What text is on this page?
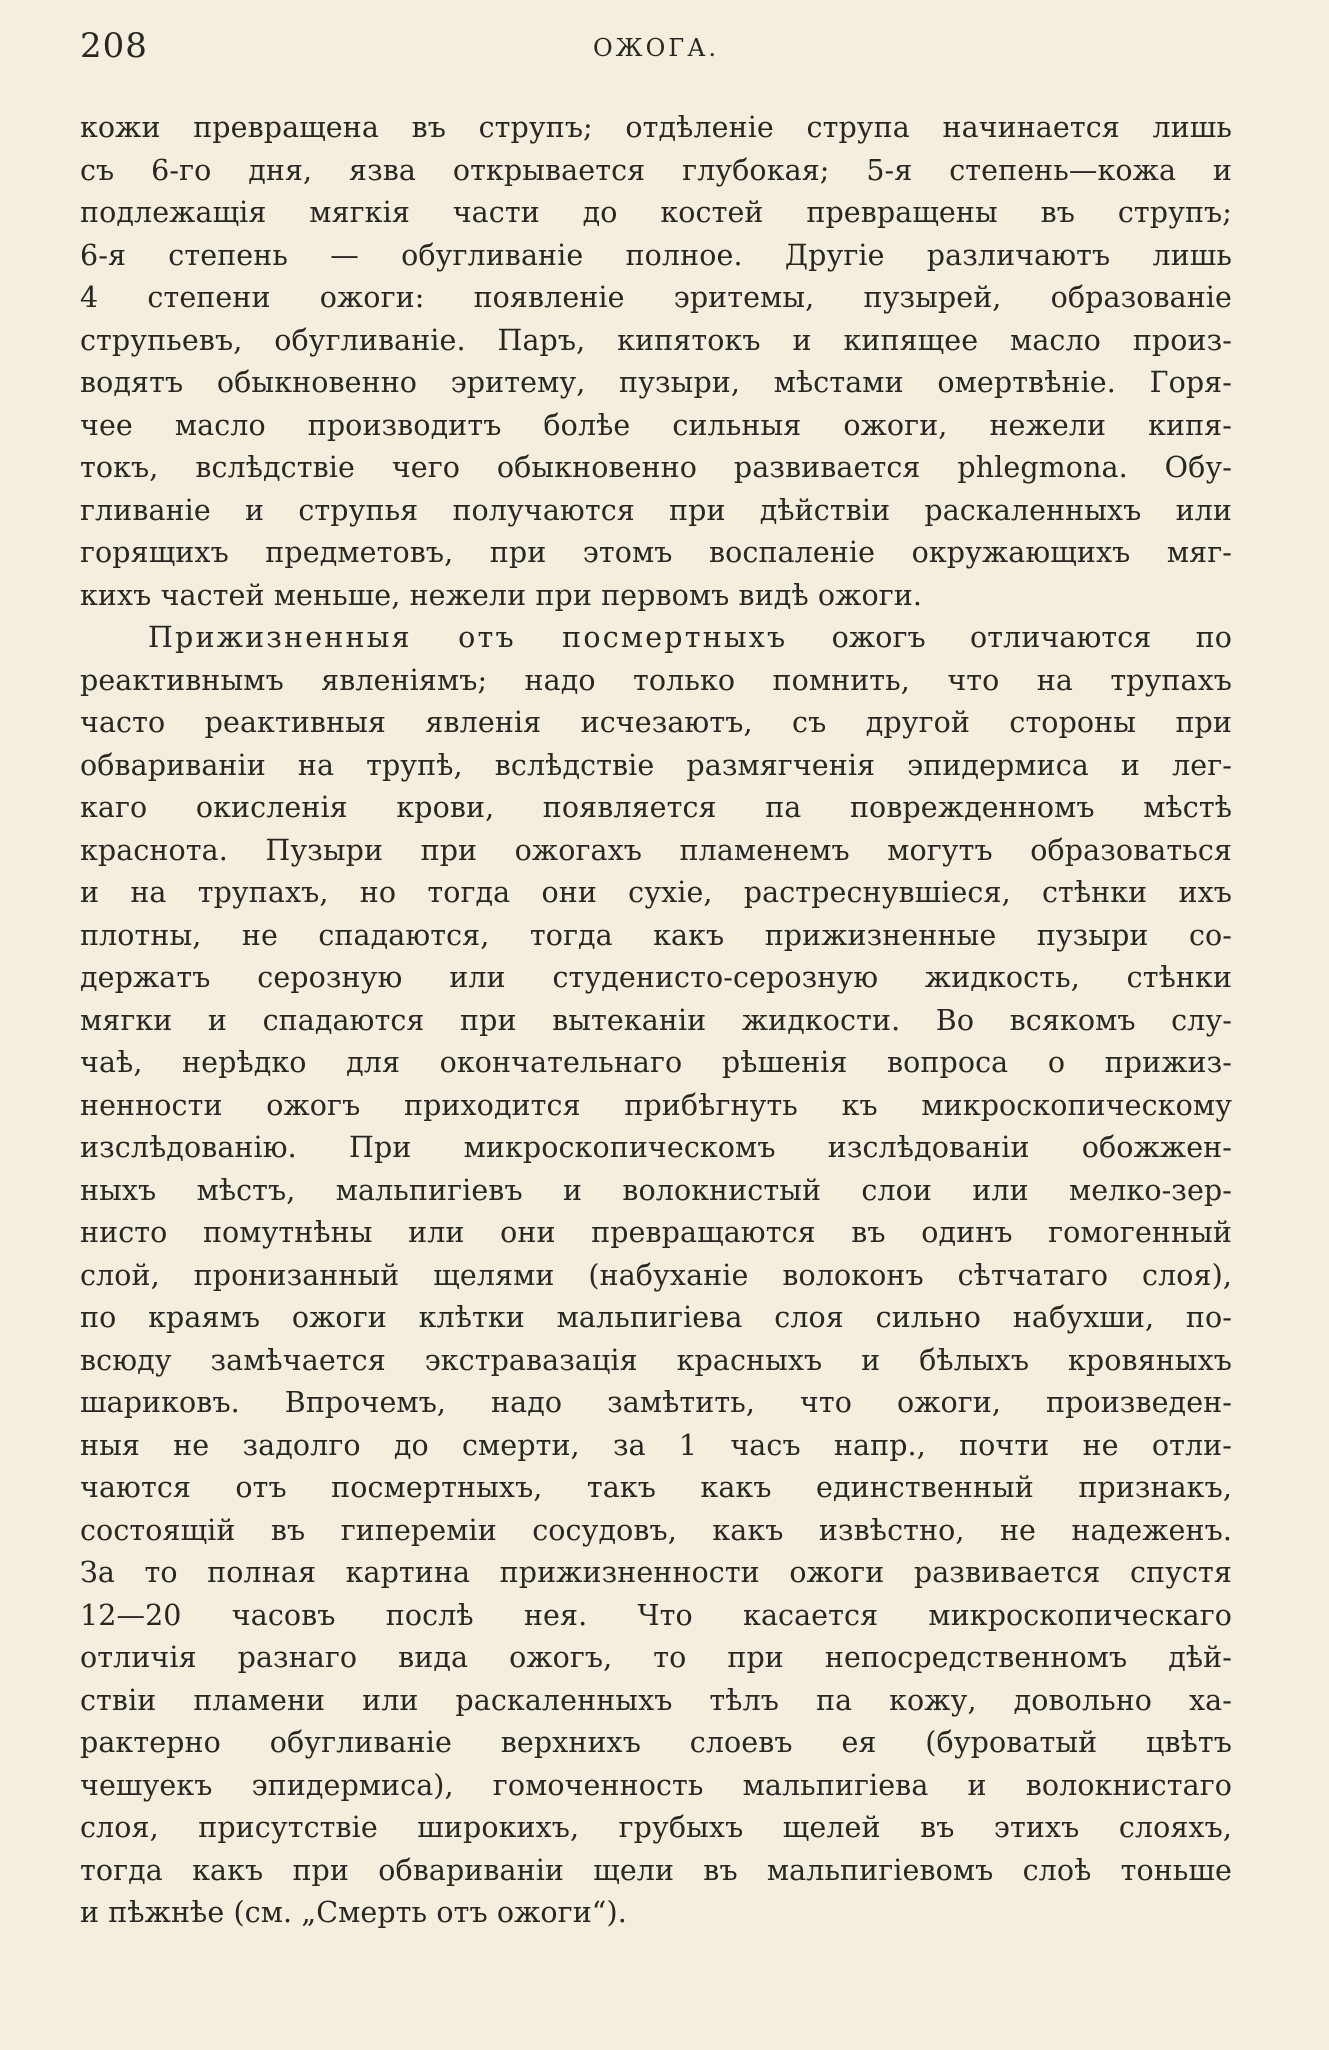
208	ОЖОГА.
кожи превращена въ струпъ; отдѣленіе струпа начинается лишь
съ 6-го дня, язва открывается глубокая; 5-я степень—кожа и
подлежащія мягкія части до костей превращены въ струпъ;
6-я степень — обугливаніе полное. Другіе различаютъ лишь
4 степени ожоги: появленіе эритемы, пузырей, образованіе
струпьевъ, обугливаніе. Паръ, кипятокъ и кипящее масло произ-
водятъ обыкновенно эритему, пузыри, мѣстами омертвѣніе. Горя-
чее масло производитъ болѣе сильныя ожоги, нежели кипя-
токъ, вслѣдствіе чего обыкновенно развивается phlegmona. Обу-
гливаніе и струпья получаются при дѣйствіи раскаленныхъ или
горящихъ предметовъ, при этомъ воспаленіе окружающихъ мяг-
кихъ частей меньше, нежели при первомъ видѣ ожоги.
Прижизненныя отъ посмертныхъ ожогъ отличаются по
реактивнымъ явленіямъ; надо только помнить, что на трупахъ
часто реактивныя явленія исчезаютъ, съ другой стороны при
обвариваніи на трупѣ, вслѣдствіе размягченія эпидермиса и лег-
каго окисленія крови, появляется па поврежденномъ мѣстѣ
краснота. Пузыри при ожогахъ пламенемъ могутъ образоваться
и на трупахъ, но тогда они сухіе, растреснувшіеся, стѣнки ихъ
плотны, не спадаются, тогда какъ прижизненные пузыри со-
держатъ серозную или студенисто-серозную жидкость, стѣнки
мягки и спадаются при вытеканіи жидкости. Во всякомъ слу-
чаѣ, нерѣдко для окончательнаго рѣшенія вопроса о прижиз-
ненности ожогъ приходится прибѣгнуть къ микроскопическому
изслѣдованію. При микроскопическомъ изслѣдованіи обожжен-
ныхъ мѣстъ, мальпигіевъ и волокнистый слои или мелко-зер-
нисто помутнѣны или они превращаются въ одинъ гомогенный
слой, пронизанный щелями (набуханіе волоконъ сѣтчатаго слоя),
по краямъ ожоги клѣтки мальпигіева слоя сильно набухши, по-
всюду замѣчается экстравазація красныхъ и бѣлыхъ кровяныхъ
шариковъ. Впрочемъ, надо замѣтить, что ожоги, произведен-
ныя не задолго до смерти, за 1 часъ напр., почти не отли-
чаются отъ посмертныхъ, такъ какъ единственный признакъ,
состоящій въ гипереміи сосудовъ, какъ извѣстно, не надеженъ.
За то полная картина прижизненности ожоги развивается спустя
12—20 часовъ послѣ нея. Что касается микроскопическаго
отличія разнаго вида ожогъ, то при непосредственномъ дѣй-
ствіи пламени или раскаленныхъ тѣлъ па кожу, довольно ха-
рактерно обугливаніе верхнихъ слоевъ ея (буроватый цвѣтъ
чешуекъ эпидермиса), гомоченность мальпигіева и волокнистаго
слоя, присутствіе широкихъ, грубыхъ щелей въ этихъ слояхъ,
тогда какъ при обвариваніи щели въ мальпигіевомъ слоѣ тоньше
и пѣжнѣе (см. „Смерть отъ ожоги“).
